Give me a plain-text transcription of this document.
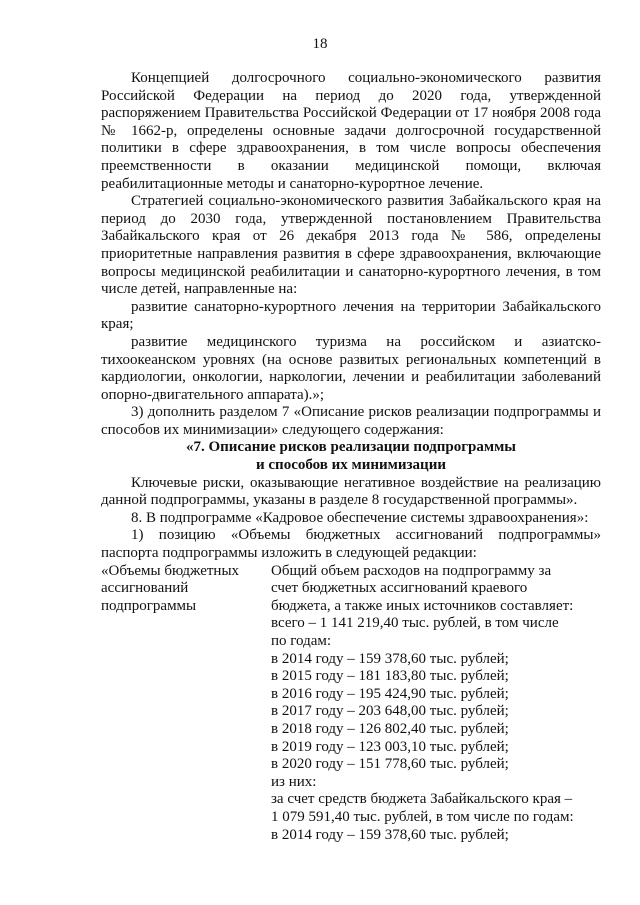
18

Концепцией долгосрочного социально-экономического развития Российской Федерации на период до 2020 года, утвержденной распоряжением Правительства Российской Федерации от 17 ноября 2008 года № 1662-р, определены основные задачи долгосрочной государственной политики в сфере здравоохранения, в том числе вопросы обеспечения преемственности в оказании медицинской помощи, включая реабилитационные методы и санаторно-курортное лечение.

Стратегией социально-экономического развития Забайкальского края на период до 2030 года, утвержденной постановлением Правительства Забайкальского края от 26 декабря 2013 года № 586, определены приоритетные направления развития в сфере здравоохранения, включающие вопросы медицинской реабилитации и санаторно-курортного лечения, в том числе детей, направленные на:

развитие санаторно-курортного лечения на территории Забайкальского края;

развитие медицинского туризма на российском и азиатско-тихоокеанском уровнях (на основе развитых региональных компетенций в кардиологии, онкологии, наркологии, лечении и реабилитации заболеваний опорно-двигательного аппарата).»;

3) дополнить разделом 7 «Описание рисков реализации подпрограммы и способов их минимизации» следующего содержания:

«7. Описание рисков реализации подпрограммы

и способов их минимизации

Ключевые риски, оказывающие негативное воздействие на реализацию данной подпрограммы, указаны в разделе 8 государственной программы».

8. В подпрограмме «Кадровое обеспечение системы здравоохранения»:

1) позицию «Объемы бюджетных ассигнований подпрограммы» паспорта подпрограммы изложить в следующей редакции:

«Объемы бюджетных

ассигнований

подпрограммы

Общий объем расходов на подпрограмму за

счет бюджетных ассигнований краевого

бюджета, а также иных источников составляет:

всего – 1 141 219,40 тыс. рублей, в том числе

по годам:

в 2014 году – 159 378,60 тыс. рублей;

в 2015 году – 181 183,80 тыс. рублей;

в 2016 году – 195 424,90 тыс. рублей;

в 2017 году – 203 648,00 тыс. рублей;

в 2018 году – 126 802,40 тыс. рублей;

в 2019 году – 123 003,10 тыс. рублей;

в 2020 году – 151 778,60 тыс. рублей;

из них:

за счет средств бюджета Забайкальского края –

1 079 591,40 тыс. рублей, в том числе по годам:

в 2014 году – 159 378,60 тыс. рублей;
